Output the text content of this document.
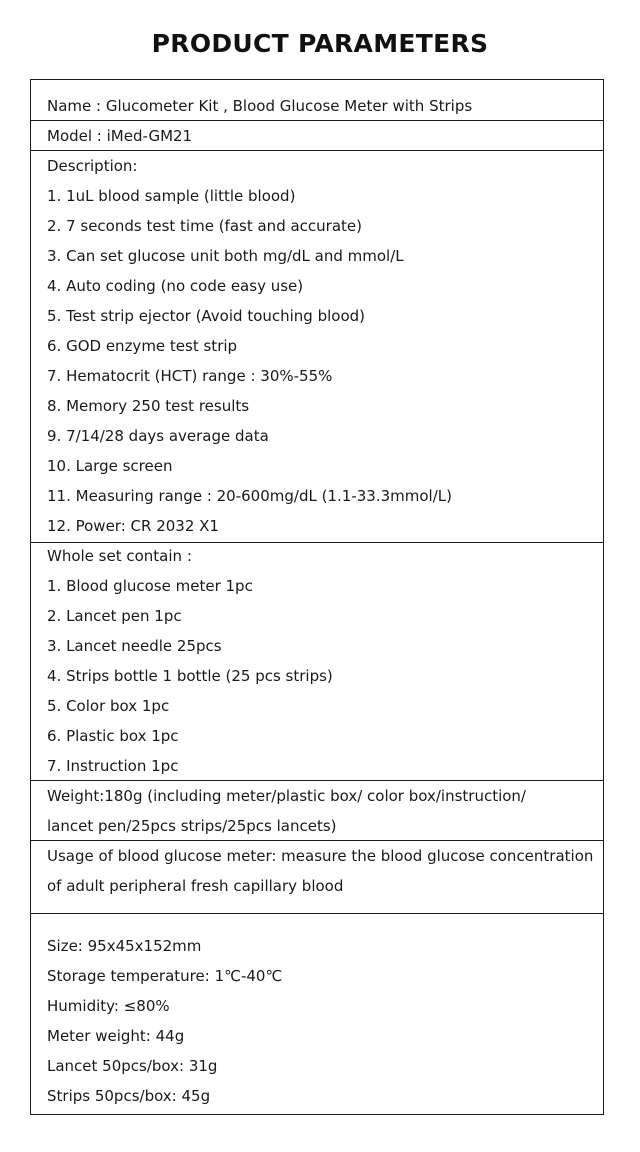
PRODUCT PARAMETERS
Name : Glucometer Kit , Blood Glucose Meter with Strips
Model : iMed-GM21
Description:
1. 1uL blood sample (little blood)
2. 7 seconds test time (fast and accurate)
3. Can set glucose unit both mg/dL and mmol/L
4. Auto coding (no code easy use)
5. Test strip ejector (Avoid touching blood)
6. GOD enzyme test strip
7. Hematocrit (HCT) range : 30%-55%
8. Memory 250 test results
9. 7/14/28 days average data
10. Large screen
11. Measuring range : 20-600mg/dL (1.1-33.3mmol/L)
12. Power: CR 2032 X1
Whole set contain :
1. Blood glucose meter 1pc
2. Lancet pen 1pc
3. Lancet needle 25pcs
4. Strips bottle 1 bottle (25 pcs strips)
5. Color box 1pc
6. Plastic box 1pc
7. Instruction 1pc
Weight:180g (including meter/plastic box/ color box/instruction/
lancet pen/25pcs strips/25pcs lancets)
Usage of blood glucose meter: measure the blood glucose concentration
of adult peripheral fresh capillary blood
Size: 95x45x152mm
Storage temperature: 1℃-40℃
Humidity: ≤80%
Meter weight: 44g
Lancet 50pcs/box: 31g
Strips 50pcs/box: 45g
